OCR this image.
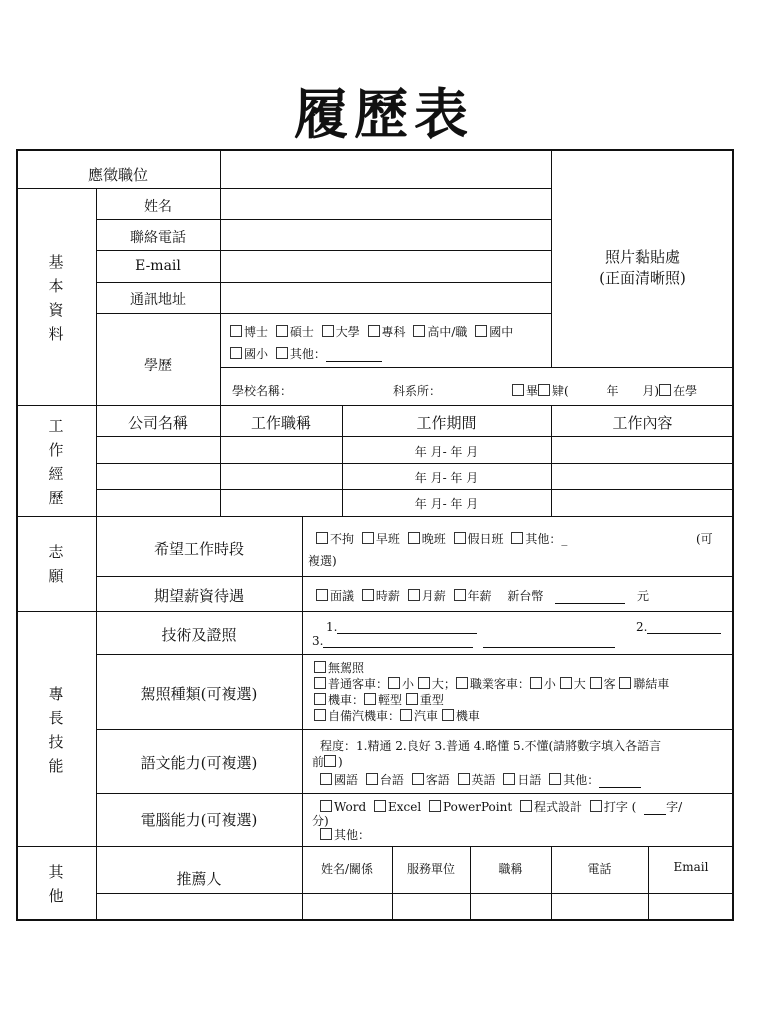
履歷表
應徵職位
基
本
資
料
姓名
聯絡電話
E-mail
通訊地址
學歷
博士 碩士 大學 專科 高中/職 國中
國小 其他：
學校名稱：	科系所：	畢 肄(	年 月) 在學
照片黏貼處
(正面清晰照)
工
作
經
歷
公司名稱	工作職稱	工作期間	工作內容
年 月- 年 月
年 月- 年 月
年 月- 年 月
志
願
希望工作時段
不拘 早班 晚班 假日班 其他：_	(可
複選)
期望薪資待遇	面議 時薪 月薪 年薪 新台幣	元
專
長
技
能
技術及證照	1.	2.
3.
駕照種類(可複選)
無駕照
普通客車： 小 大； 職業客車： 小 大 客 聯結車
機車： 輕型 重型
自備汽機車： 汽車 機車
語文能力(可複選)
程度：1.精通 2.良好 3.普通 4.略懂 5.不懂(請將數字填入各語言
前 )
國語 台語 客語 英語 日語 其他：
電腦能力(可複選)
Word Excel PowerPoint 程式設計 打字 ( 字/
分)
其他：
其
他
推薦人
姓名/關係	服務單位	職稱	電話	Email
